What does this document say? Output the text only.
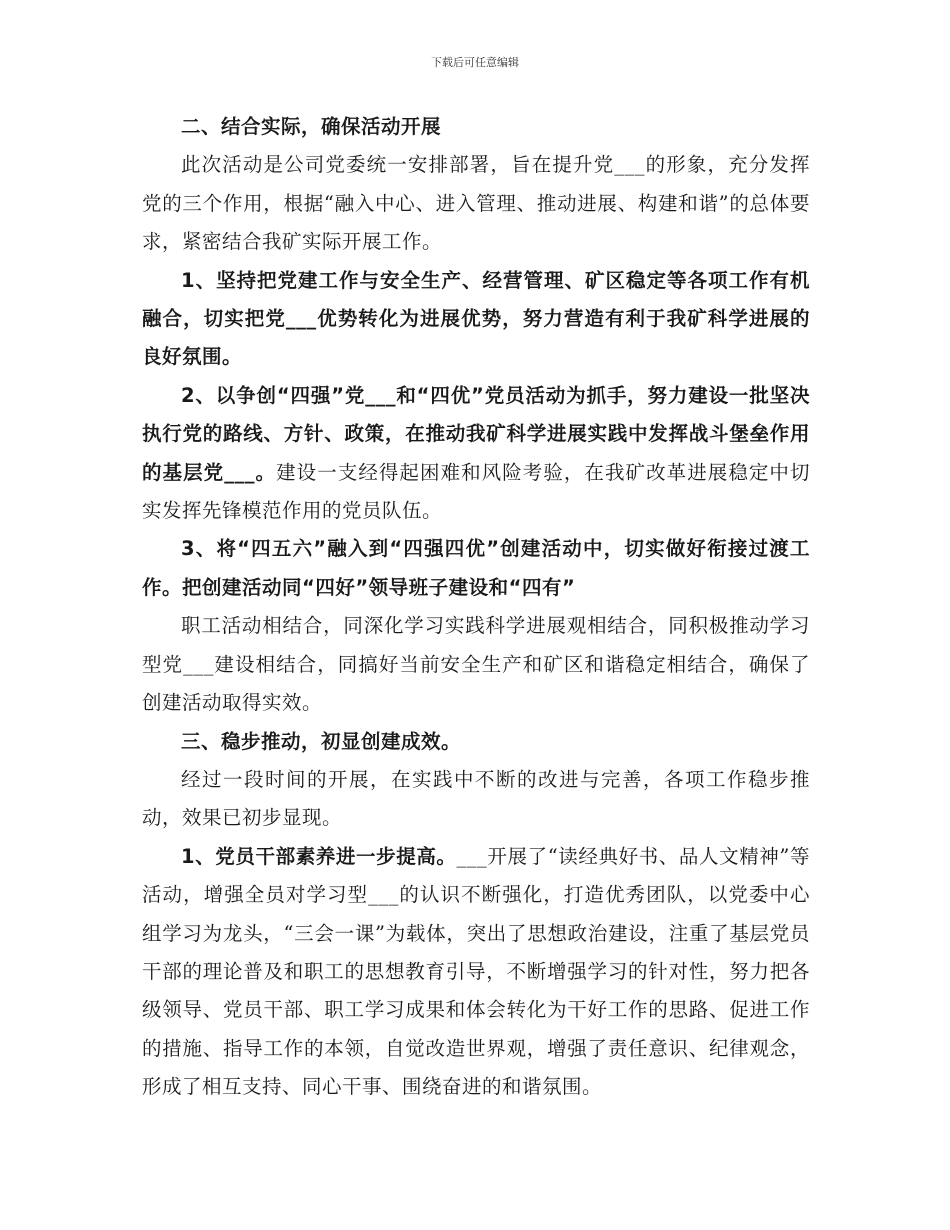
下载后可任意编辑

二、结合实际，确保活动开展

此次活动是公司党委统一安排部署，旨在提升党___的形象，充分发挥党的三个作用，根据“融入中心、进入管理、推动进展、构建和谐”的总体要求，紧密结合我矿实际开展工作。

1、坚持把党建工作与安全生产、经营管理、矿区稳定等各项工作有机融合，切实把党___优势转化为进展优势，努力营造有利于我矿科学进展的良好氛围。

2、以争创“四强”党___和“四优”党员活动为抓手，努力建设一批坚决执行党的路线、方针、政策，在推动我矿科学进展实践中发挥战斗堡垒作用的基层党___。建设一支经得起困难和风险考验，在我矿改革进展稳定中切实发挥先锋模范作用的党员队伍。

3、将“四五六”融入到“四强四优”创建活动中，切实做好衔接过渡工作。把创建活动同“四好”领导班子建设和“四有”

职工活动相结合，同深化学习实践科学进展观相结合，同积极推动学习型党___建设相结合，同搞好当前安全生产和矿区和谐稳定相结合，确保了创建活动取得实效。

三、稳步推动，初显创建成效。

经过一段时间的开展，在实践中不断的改进与完善，各项工作稳步推动，效果已初步显现。

1、党员干部素养进一步提高。___开展了“读经典好书、品人文精神”等活动，增强全员对学习型___的认识不断强化，打造优秀团队，以党委中心组学习为龙头，“三会一课”为载体，突出了思想政治建设，注重了基层党员干部的理论普及和职工的思想教育引导，不断增强学习的针对性，努力把各级领导、党员干部、职工学习成果和体会转化为干好工作的思路、促进工作的措施、指导工作的本领，自觉改造世界观，增强了责任意识、纪律观念，形成了相互支持、同心干事、围绕奋进的和谐氛围。
